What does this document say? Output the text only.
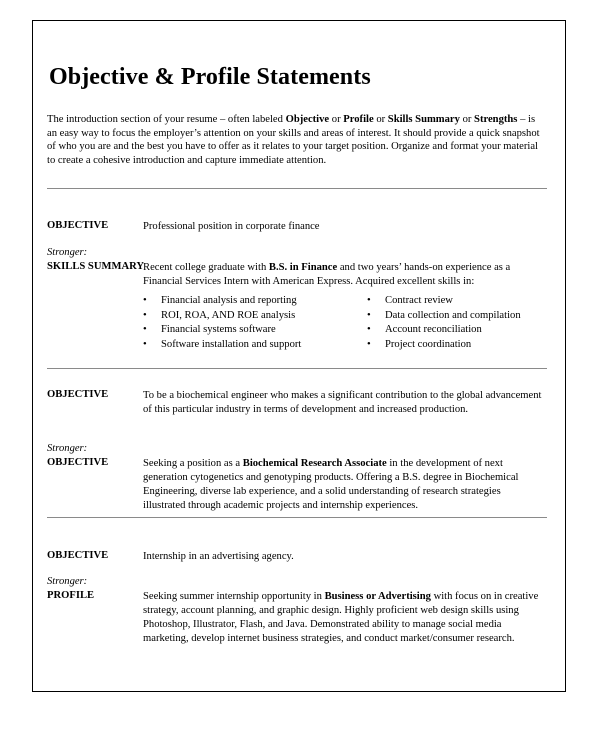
Objective & Profile Statements
The introduction section of your resume – often labeled Objective or Profile or Skills Summary or Strengths – is an easy way to focus the employer’s attention on your skills and areas of interest. It should provide a quick snapshot of who you are and the best you have to offer as it relates to your target position. Organize and format your material to create a cohesive introduction and capture immediate attention.
OBJECTIVE	Professional position in corporate finance
Stronger:
SKILLS SUMMARY
Recent college graduate with B.S. in Finance and two years’ hands-on experience as a Financial Services Intern with American Express. Acquired excellent skills in:
• Financial analysis and reporting
• ROI, ROA, AND ROE analysis
• Financial systems software
• Software installation and support
• Contract review
• Data collection and compilation
• Account reconciliation
• Project coordination
OBJECTIVE	To be a biochemical engineer who makes a significant contribution to the global advancement of this particular industry in terms of development and increased production.
Stronger:
OBJECTIVE	Seeking a position as a Biochemical Research Associate in the development of next generation cytogenetics and genotyping products. Offering a B.S. degree in Biochemical Engineering, diverse lab experience, and a solid understanding of research strategies illustrated through academic projects and internship experiences.
OBJECTIVE	Internship in an advertising agency.
Stronger:
PROFILE	Seeking summer internship opportunity in Business or Advertising with focus on in creative strategy, account planning, and graphic design. Highly proficient web design skills using Photoshop, Illustrator, Flash, and Java. Demonstrated ability to manage social media marketing, develop internet business strategies, and conduct market/consumer research.
